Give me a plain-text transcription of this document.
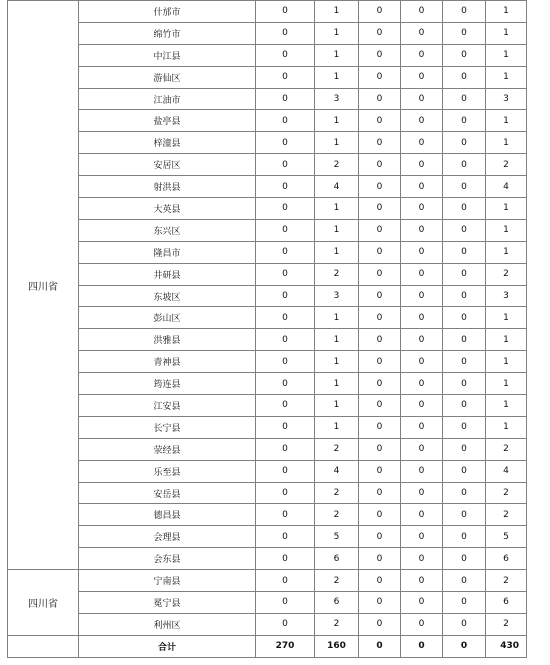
四川省	什邡市	0	1	0	0	0	1
	绵竹市	0	1	0	0	0	1
	中江县	0	1	0	0	0	1
	游仙区	0	1	0	0	0	1
	江油市	0	3	0	0	0	3
	盐亭县	0	1	0	0	0	1
	梓潼县	0	1	0	0	0	1
	安居区	0	2	0	0	0	2
	射洪县	0	4	0	0	0	4
	大英县	0	1	0	0	0	1
	东兴区	0	1	0	0	0	1
	隆昌市	0	1	0	0	0	1
	井研县	0	2	0	0	0	2
	东坡区	0	3	0	0	0	3
	彭山区	0	1	0	0	0	1
	洪雅县	0	1	0	0	0	1
	青神县	0	1	0	0	0	1
	筠连县	0	1	0	0	0	1
	江安县	0	1	0	0	0	1
	长宁县	0	1	0	0	0	1
	荥经县	0	2	0	0	0	2
	乐至县	0	4	0	0	0	4
	安岳县	0	2	0	0	0	2
	德昌县	0	2	0	0	0	2
	会理县	0	5	0	0	0	5
	会东县	0	6	0	0	0	6
四川省	宁南县	0	2	0	0	0	2
	冕宁县	0	6	0	0	0	6
	利州区	0	2	0	0	0	2
	合计	270	160	0	0	0	430
